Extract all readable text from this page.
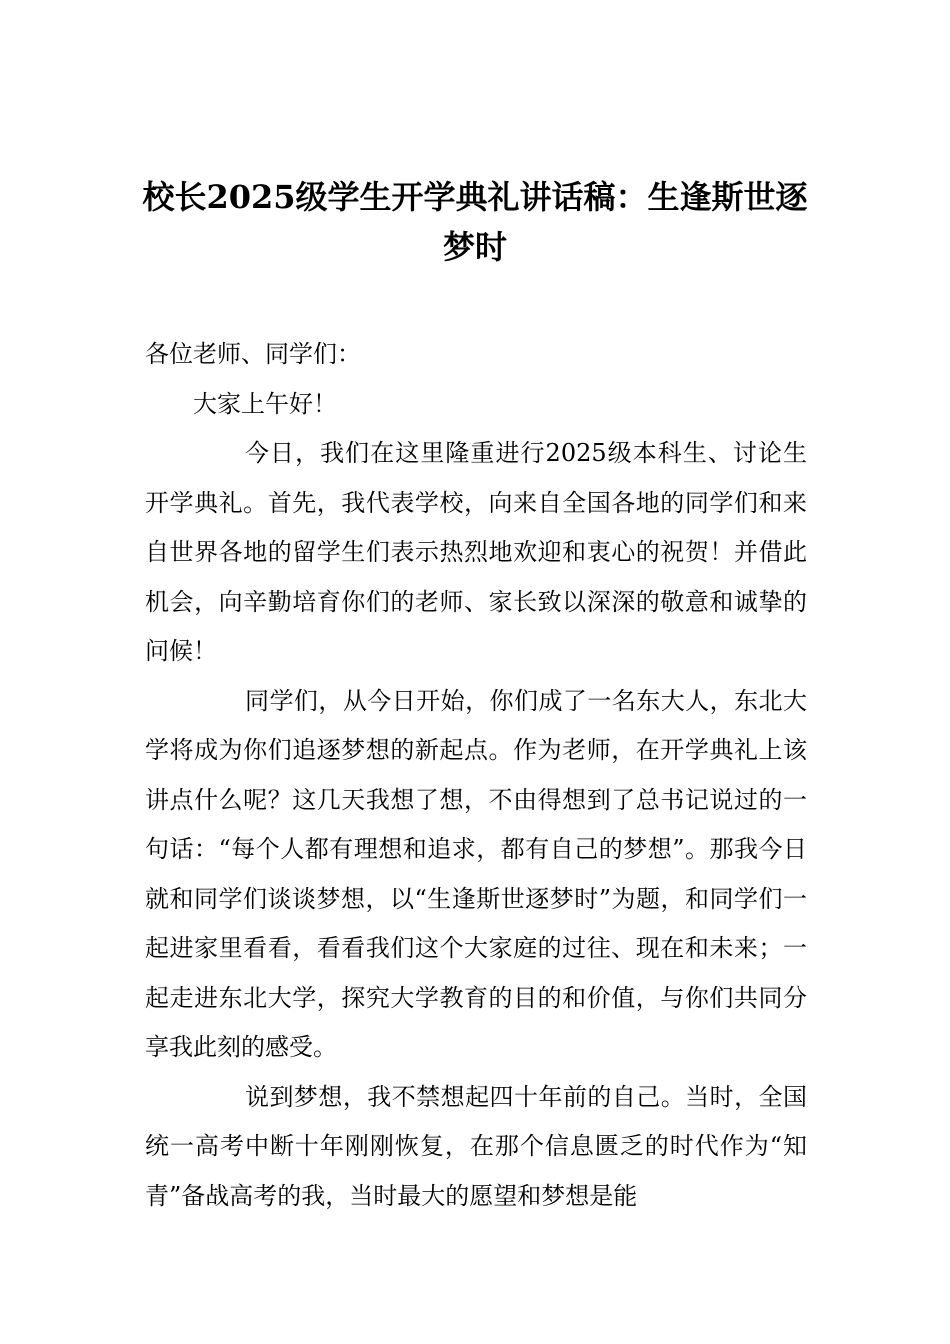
校长2025级学生开学典礼讲话稿：生逢斯世逐梦时

各位老师、同学们：

大家上午好！

今日，我们在这里隆重进行2025级本科生、讨论生开学典礼。首先，我代表学校，向来自全国各地的同学们和来自世界各地的留学生们表示热烈地欢迎和衷心的祝贺！并借此机会，向辛勤培育你们的老师、家长致以深深的敬意和诚挚的问候！

同学们，从今日开始，你们成了一名东大人，东北大学将成为你们追逐梦想的新起点。作为老师，在开学典礼上该讲点什么呢？这几天我想了想，不由得想到了总书记说过的一句话：“每个人都有理想和追求，都有自己的梦想”。那我今日就和同学们谈谈梦想，以“生逢斯世逐梦时”为题，和同学们一起进家里看看，看看我们这个大家庭的过往、现在和未来；一起走进东北大学，探究大学教育的目的和价值，与你们共同分享我此刻的感受。

说到梦想，我不禁想起四十年前的自己。当时，全国统一高考中断十年刚刚恢复，在那个信息匮乏的时代作为“知青”备战高考的我，当时最大的愿望和梦想是能
